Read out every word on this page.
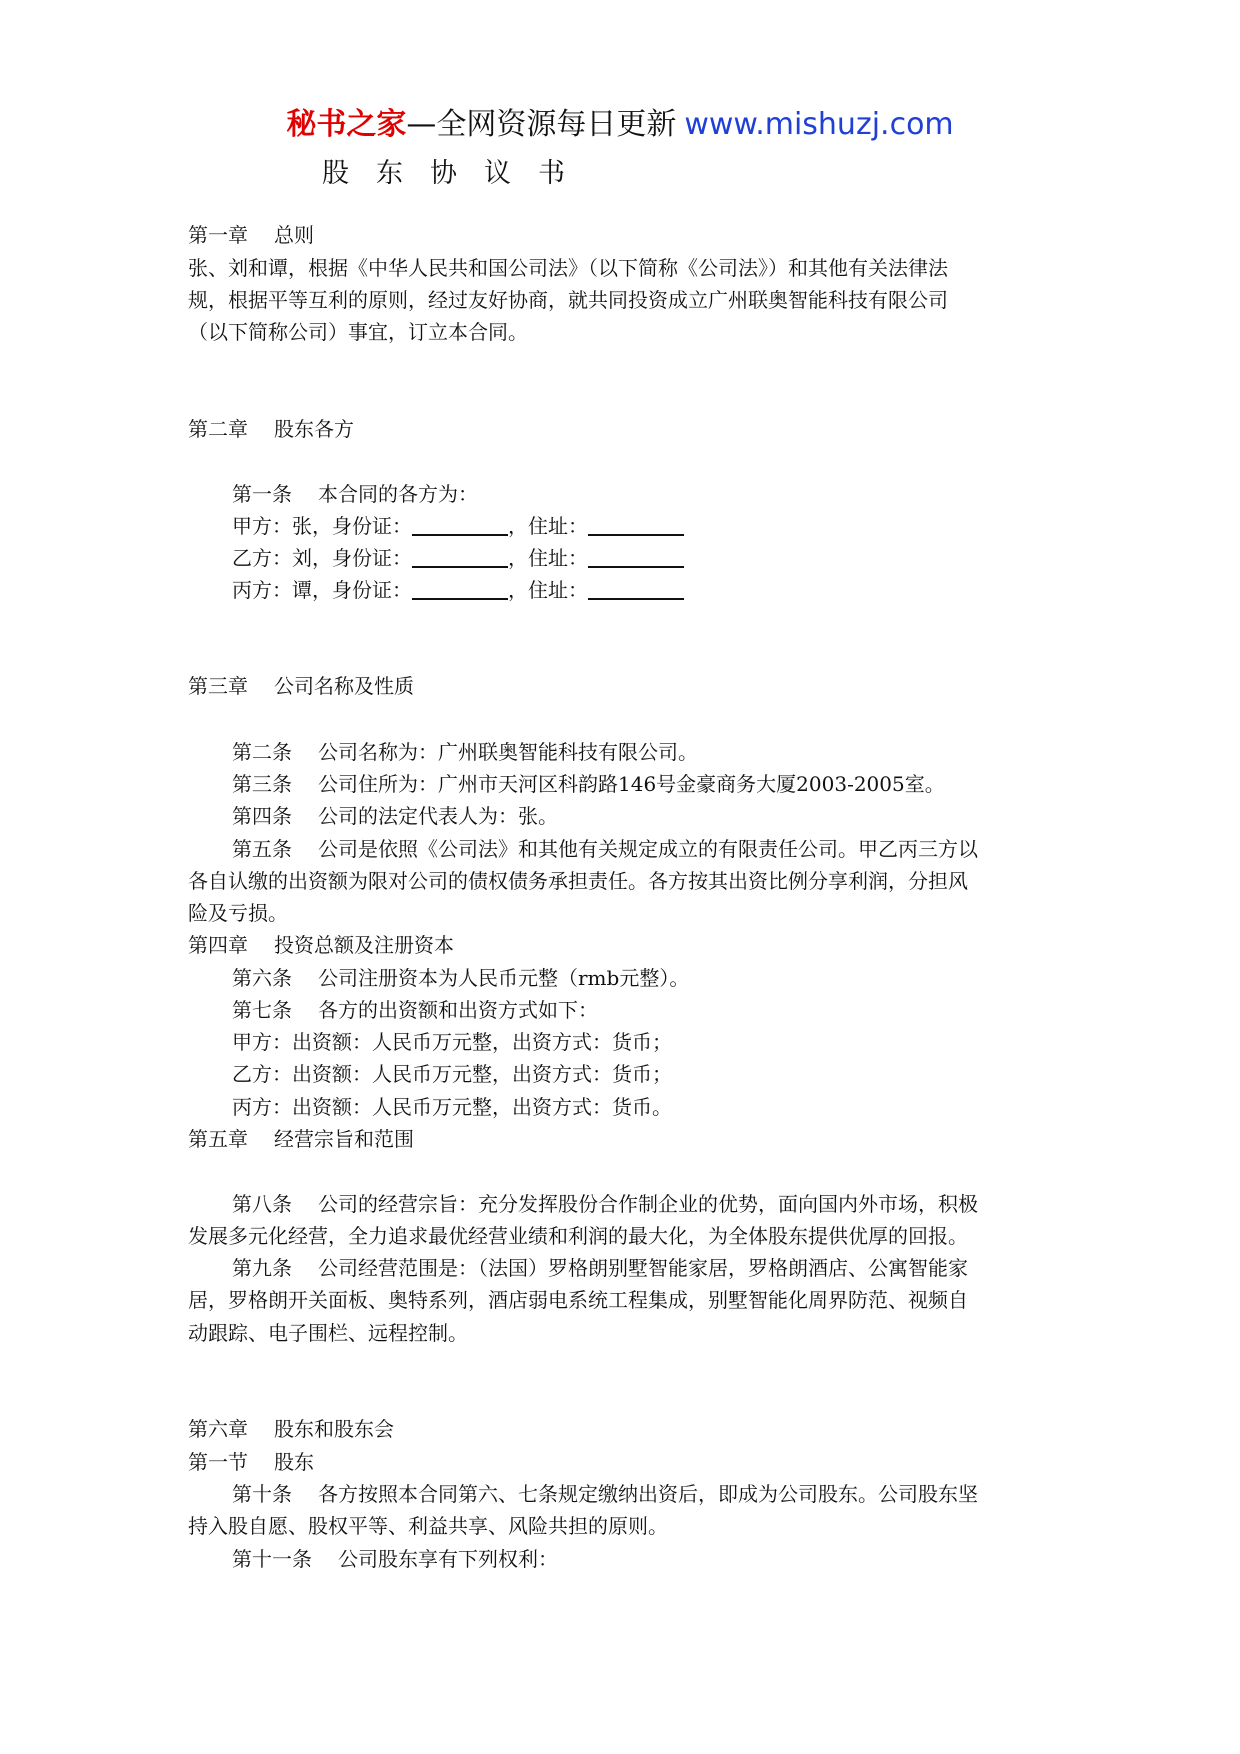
秘书之家—全网资源每日更新 www.mishuzj.com
股东协议书
第一章 总则
张、刘和谭，根据《中华人民共和国公司法》（以下简称《公司法》）和其他有关法律法
规，根据平等互利的原则，经过友好协商，就共同投资成立广州联奥智能科技有限公司
（以下简称公司）事宜，订立本合同。
第二章 股东各方
第一条 本合同的各方为：
甲方：张，身份证：	，住址：
乙方：刘，身份证：	，住址：
丙方：谭，身份证：	，住址：
第三章 公司名称及性质
第二条 公司名称为：广州联奥智能科技有限公司。
第三条 公司住所为：广州市天河区科韵路146号金豪商务大厦2003-2005室。
第四条 公司的法定代表人为：张。
第五条 公司是依照《公司法》和其他有关规定成立的有限责任公司。甲乙丙三方以
各自认缴的出资额为限对公司的债权债务承担责任。各方按其出资比例分享利润，分担风
险及亏损。
第四章 投资总额及注册资本
第六条 公司注册资本为人民币元整（rmb元整）。
第七条 各方的出资额和出资方式如下：
甲方：出资额：人民币万元整，出资方式：货币；
乙方：出资额：人民币万元整，出资方式：货币；
丙方：出资额：人民币万元整，出资方式：货币。
第五章 经营宗旨和范围
第八条 公司的经营宗旨：充分发挥股份合作制企业的优势，面向国内外市场，积极
发展多元化经营，全力追求最优经营业绩和利润的最大化，为全体股东提供优厚的回报。
第九条 公司经营范围是：（法国）罗格朗别墅智能家居，罗格朗酒店、公寓智能家
居，罗格朗开关面板、奥特系列，酒店弱电系统工程集成，别墅智能化周界防范、视频自
动跟踪、电子围栏、远程控制。
第六章 股东和股东会
第一节 股东
第十条 各方按照本合同第六、七条规定缴纳出资后，即成为公司股东。公司股东坚
持入股自愿、股权平等、利益共享、风险共担的原则。
第十一条 公司股东享有下列权利：
